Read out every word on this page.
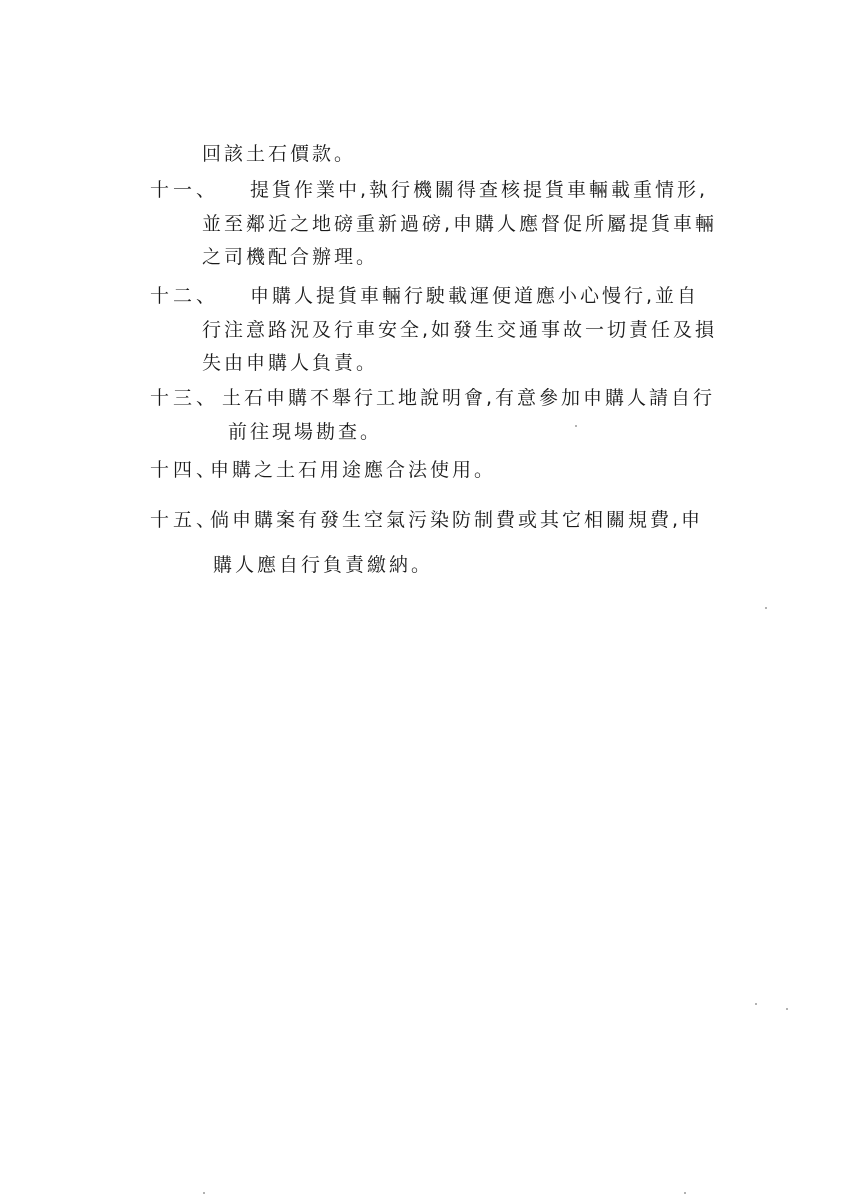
回該土石價款。
十一、 提貨作業中,執行機關得查核提貨車輛載重情形,
並至鄰近之地磅重新過磅,申購人應督促所屬提貨車輛
之司機配合辦理。
十二、 申購人提貨車輛行駛載運便道應小心慢行,並自
行注意路況及行車安全,如發生交通事故一切責任及損
失由申購人負責。
十三、 土石申購不舉行工地說明會,有意參加申購人請自行
前往現場勘查。
十四、
申購之土石用途應合法使用。
十五、
倘申購案有發生空氣污染防制費或其它相關規費,申
購人應自行負責繳納。
